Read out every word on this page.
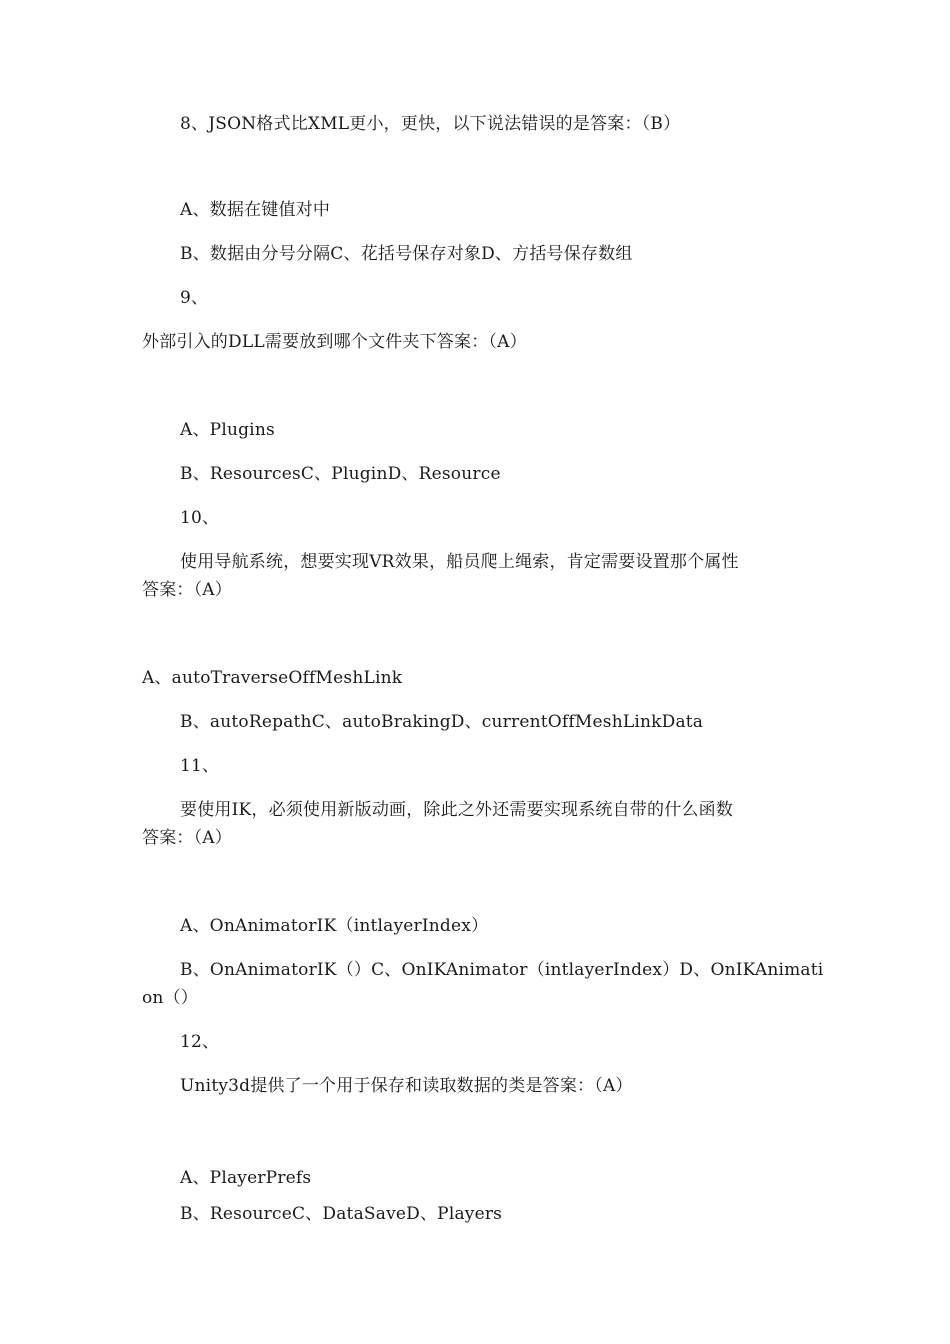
8、JSON格式比XML更小，更快，以下说法错误的是答案：（B）
A、数据在键值对中
B、数据由分号分隔C、花括号保存对象D、方括号保存数组
9、
外部引入的DLL需要放到哪个文件夹下答案：（A）
A、Plugins
B、ResourcesC、PluginD、Resource
10、
使用导航系统，想要实现VR效果，船员爬上绳索，肯定需要设置那个属性
答案：（A）
A、autoTraverseOffMeshLink
B、autoRepathC、autoBrakingD、currentOffMeshLinkData
11、
要使用IK，必须使用新版动画，除此之外还需要实现系统自带的什么函数
答案：（A）
A、OnAnimatorIK（intlayerIndex）
B、OnAnimatorIK（）C、OnIKAnimator（intlayerIndex）D、OnIKAnimati
on（）
12、
Unity3d提供了一个用于保存和读取数据的类是答案：（A）
A、PlayerPrefs
B、ResourceC、DataSaveD、Players
